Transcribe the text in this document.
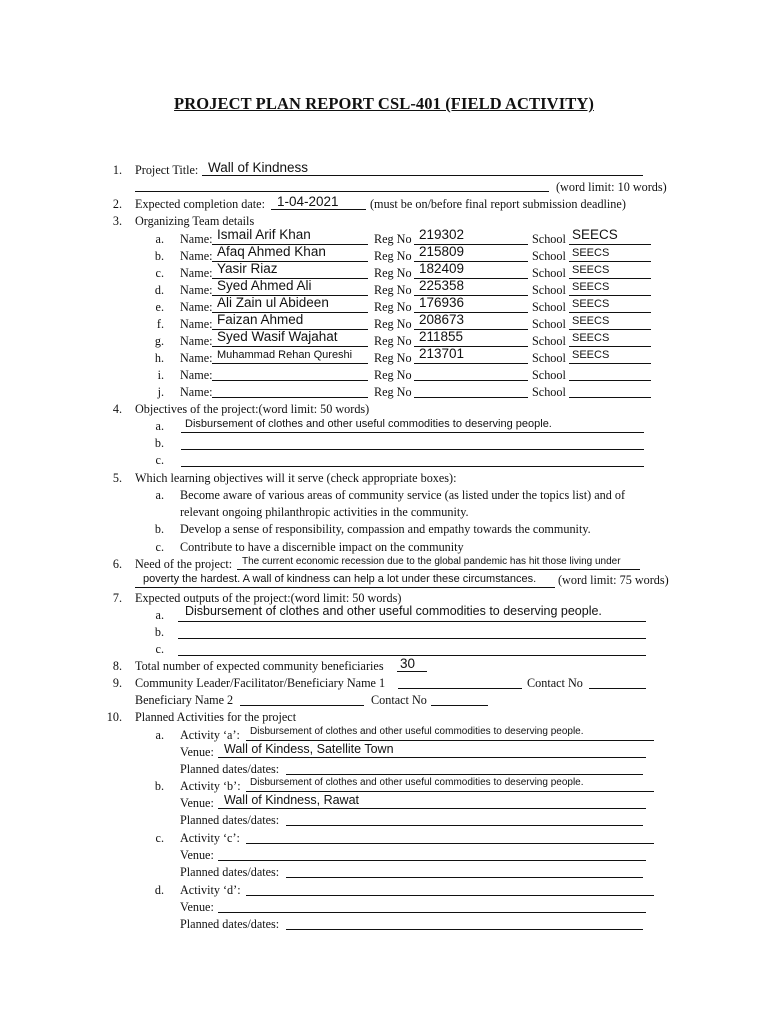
PROJECT PLAN REPORT CSL-401 (FIELD ACTIVITY)
1. Project Title: Wall of Kindness
(word limit: 10 words)
2. Expected completion date: 1-04-2021	(must be on/before final report submission deadline)
3. Organizing Team details
a. Name: Ismail Arif Khan	Reg No 219302	School SEECS
b. Name: Afaq Ahmed Khan	Reg No 215809	School SEECS
c. Name: Yasir Riaz	Reg No 182409	School SEECS
d. Name: Syed Ahmed Ali	Reg No 225358	School SEECS
e. Name: Ali Zain ul Abideen	Reg No 176936	School SEECS
f. Name: Faizan Ahmed	Reg No 208673	School SEECS
g. Name: Syed Wasif Wajahat	Reg No 211855	School SEECS
h. Name: Muhammad Rehan Qureshi Reg No 213701	School SEECS
i. Name:	Reg No	School
j. Name:	Reg No	School
4. Objectives of the project:(word limit: 50 words)
a. Disbursement of clothes and other useful commodities to deserving people.
b.
c.
5. Which learning objectives will it serve (check appropriate boxes):
a. Become aware of various areas of community service (as listed under the topics list) and of
relevant ongoing philanthropic activities in the community.
b. Develop a sense of responsibility, compassion and empathy towards the community.
c. Contribute to have a discernible impact on the community
6. Need of the project: The current economic recession due to the global pandemic has hit those living under
poverty the hardest. A wall of kindness can help a lot under these circumstances. (word limit: 75 words)
7. Expected outputs of the project:(word limit: 50 words)
a. Disbursement of clothes and other useful commodities to deserving people.
b.
c.
8. Total number of expected community beneficiaries 30
9. Community Leader/Facilitator/Beneficiary Name 1	Contact No
Beneficiary Name 2	Contact No
10. Planned Activities for the project
a. Activity ‘a’: Disbursement of clothes and other useful commodities to deserving people.
Venue: Wall of Kindess, Satellite Town
Planned dates/dates:
b. Activity ‘b’: Disbursement of clothes and other useful commodities to deserving people.
Venue: Wall of Kindness, Rawat
Planned dates/dates:
c. Activity ‘c’:
Venue:
Planned dates/dates:
d. Activity ‘d’:
Venue:
Planned dates/dates:
